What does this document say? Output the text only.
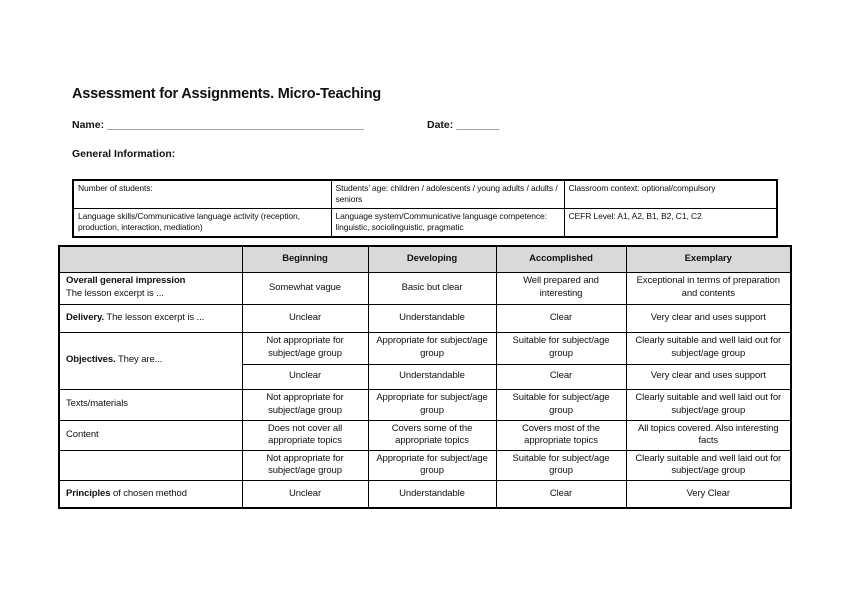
Assessment for Assignments. Micro-Teaching
Name: ________________________________________________	Date: ________
General Information:
Number of students:	Students’ age: children / adolescents / young adults / adults / seniors	Classroom context: optional/compulsory
Language skills/Communicative language activity (reception, production, interaction, mediation)	Language system/Communicative language competence: linguistic, sociolinguistic, pragmatic	CEFR Level: A1, A2, B1, B2, C1, C2
	Beginning	Developing	Accomplished	Exemplary
Overall general impression
The lesson excerpt is ...	Somewhat vague	Basic but clear	Well prepared and interesting	Exceptional in terms of preparation and contents
Delivery. The lesson excerpt is ...	Unclear	Understandable	Clear	Very clear and uses support
Objectives. They are...	Not appropriate for subject/age group	Appropriate for subject/age group	Suitable for subject/age group	Clearly suitable and well laid out for subject/age group
	Unclear	Understandable	Clear	Very clear and uses support
Texts/materials	Not appropriate for subject/age group	Appropriate for subject/age group	Suitable for subject/age group	Clearly suitable and well laid out for subject/age group
Content	Does not cover all appropriate topics	Covers some of the appropriate topics	Covers most of the appropriate topics	All topics covered. Also interesting facts
	Not appropriate for subject/age group	Appropriate for subject/age group	Suitable for subject/age group	Clearly suitable and well laid out for subject/age group
Principles of chosen method	Unclear	Understandable	Clear	Very Clear
